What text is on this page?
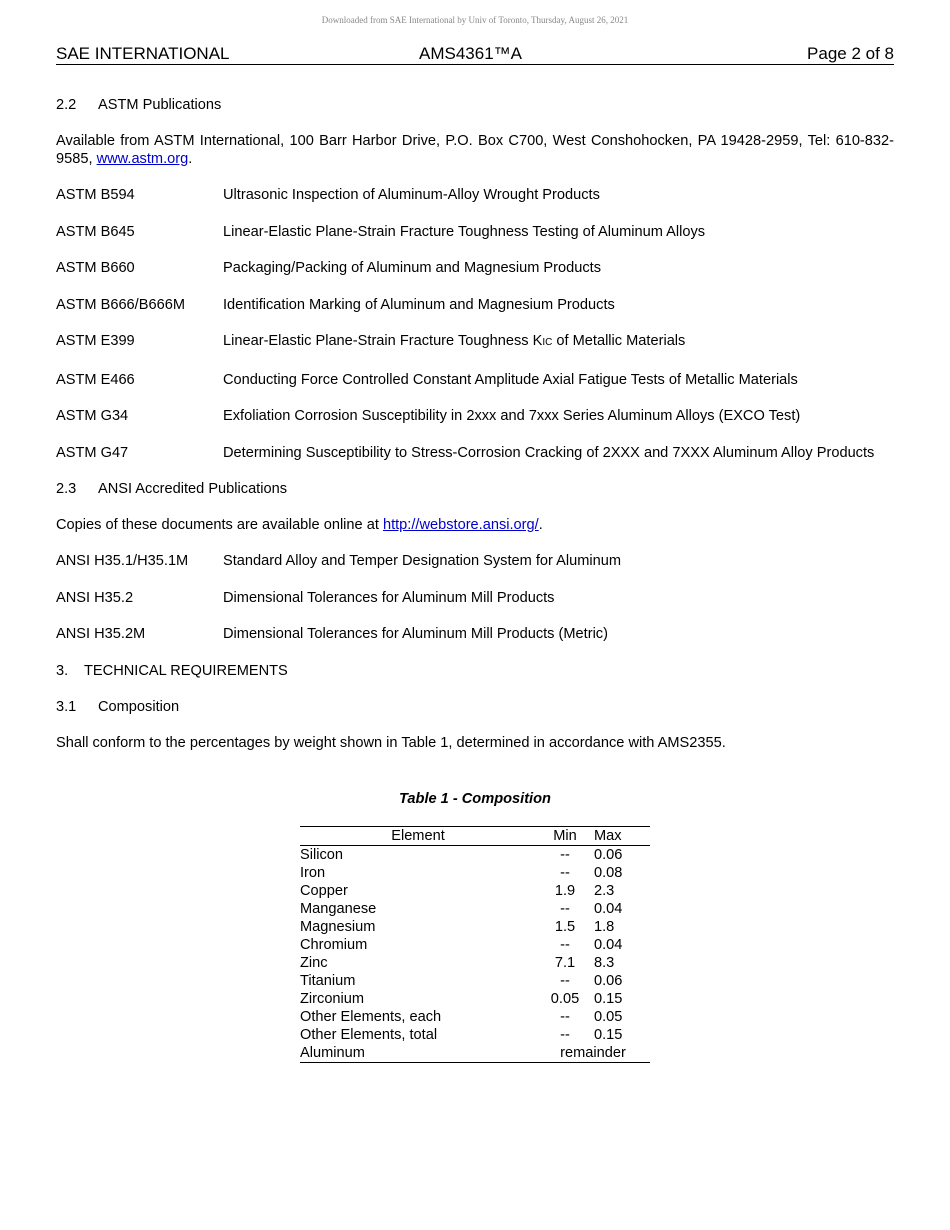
Downloaded from SAE International by Univ of Toronto, Thursday, August 26, 2021
SAE INTERNATIONAL	AMS4361™A	Page 2 of 8
2.2 ASTM Publications

Available from ASTM International, 100 Barr Harbor Drive, P.O. Box C700, West Conshohocken, PA 19428-2959, Tel: 610-832-9585, www.astm.org.

ASTM B594	Ultrasonic Inspection of Aluminum-Alloy Wrought Products
ASTM B645	Linear-Elastic Plane-Strain Fracture Toughness Testing of Aluminum Alloys
ASTM B660	Packaging/Packing of Aluminum and Magnesium Products
ASTM B666/B666M	Identification Marking of Aluminum and Magnesium Products
ASTM E399	Linear-Elastic Plane-Strain Fracture Toughness KIC of Metallic Materials
ASTM E466	Conducting Force Controlled Constant Amplitude Axial Fatigue Tests of Metallic Materials
ASTM G34	Exfoliation Corrosion Susceptibility in 2xxx and 7xxx Series Aluminum Alloys (EXCO Test)
ASTM G47	Determining Susceptibility to Stress-Corrosion Cracking of 2XXX and 7XXX Aluminum Alloy Products
2.3 ANSI Accredited Publications

Copies of these documents are available online at http://webstore.ansi.org/.

ANSI H35.1/H35.1M	Standard Alloy and Temper Designation System for Aluminum
ANSI H35.2	Dimensional Tolerances for Aluminum Mill Products
ANSI H35.2M	Dimensional Tolerances for Aluminum Mill Products (Metric)
3. TECHNICAL REQUIREMENTS
3.1 Composition

Shall conform to the percentages by weight shown in Table 1, determined in accordance with AMS2355.

Table 1 - Composition
Element	Min	Max
Silicon	--	0.06
Iron	--	0.08
Copper	1.9	2.3
Manganese	--	0.04
Magnesium	1.5	1.8
Chromium	--	0.04
Zinc	7.1	8.3
Titanium	--	0.06
Zirconium	0.05	0.15
Other Elements, each	--	0.05
Other Elements, total	--	0.15
Aluminum	remainder	
